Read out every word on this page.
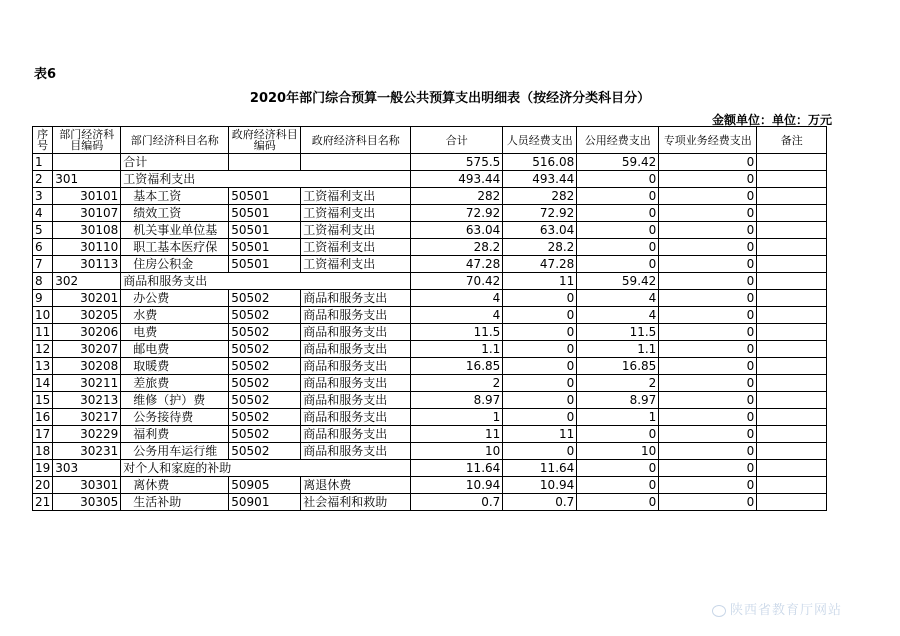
表6
2020年部门综合预算一般公共预算支出明细表（按经济分类科目分）
金额单位：单位：万元
序号	部门经济科目编码	部门经济科目名称	政府经济科目编码	政府经济科目名称	合计	人员经费支出	公用经费支出	专项业务经费支出	备注
1		合计			575.5	516.08	59.42	0	
2	301	工资福利支出			493.44	493.44	0	0	
3	30101	基本工资	50501	工资福利支出	282	282	0	0	
4	30107	绩效工资	50501	工资福利支出	72.92	72.92	0	0	
5	30108	机关事业单位基	50501	工资福利支出	63.04	63.04	0	0	
6	30110	职工基本医疗保	50501	工资福利支出	28.2	28.2	0	0	
7	30113	住房公积金	50501	工资福利支出	47.28	47.28	0	0	
8	302	商品和服务支出			70.42	11	59.42	0	
9	30201	办公费	50502	商品和服务支出	4	0	4	0	
10	30205	水费	50502	商品和服务支出	4	0	4	0	
11	30206	电费	50502	商品和服务支出	11.5	0	11.5	0	
12	30207	邮电费	50502	商品和服务支出	1.1	0	1.1	0	
13	30208	取暖费	50502	商品和服务支出	16.85	0	16.85	0	
14	30211	差旅费	50502	商品和服务支出	2	0	2	0	
15	30213	维修（护）费	50502	商品和服务支出	8.97	0	8.97	0	
16	30217	公务接待费	50502	商品和服务支出	1	0	1	0	
17	30229	福利费	50502	商品和服务支出	11	11	0	0	
18	30231	公务用车运行维	50502	商品和服务支出	10	0	10	0	
19	303	对个人和家庭的补助			11.64	11.64	0	0	
20	30301	离休费	50905	离退休费	10.94	10.94	0	0	
21	30305	生活补助	50901	社会福利和救助	0.7	0.7	0	0	
陕西省教育厅网站
